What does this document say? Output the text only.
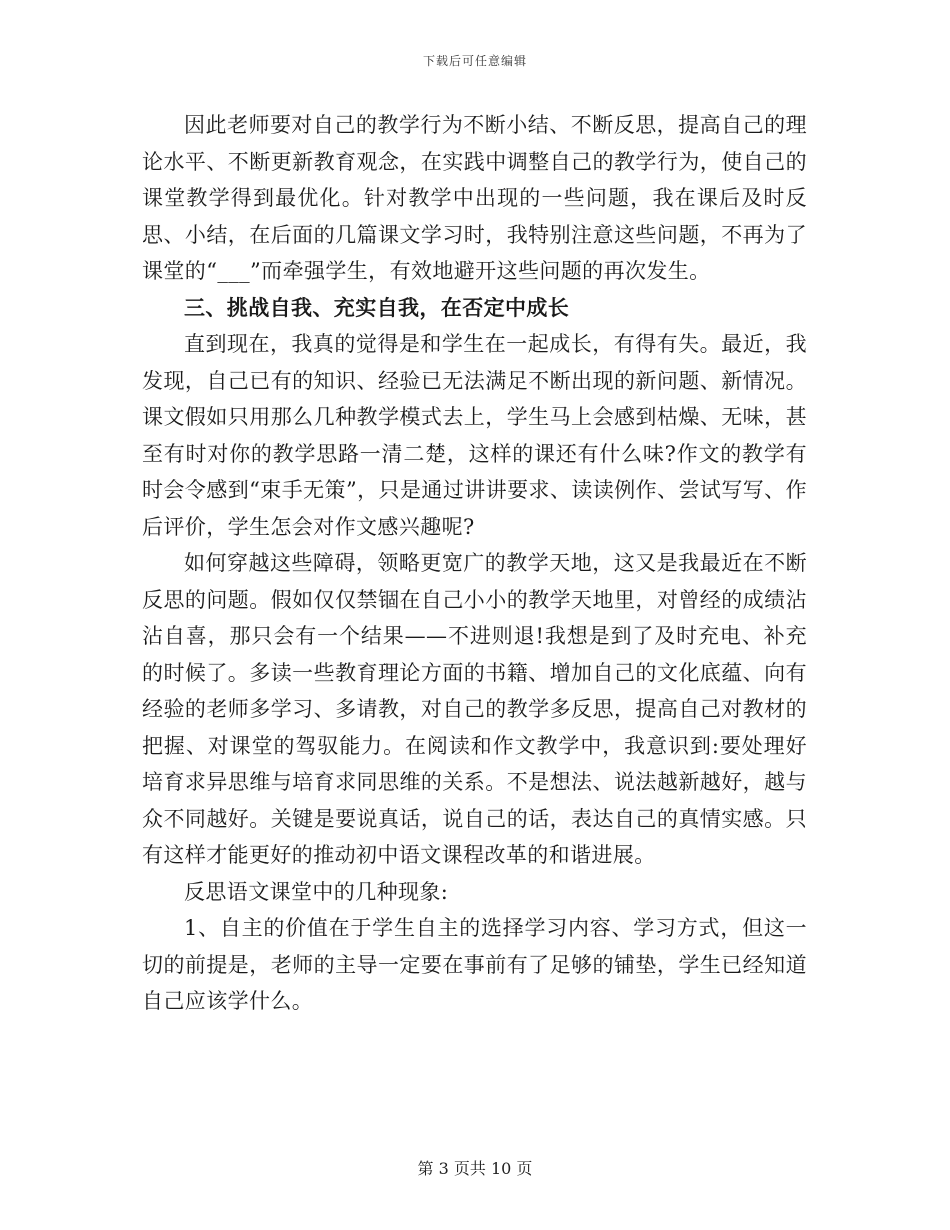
下载后可任意编辑

因此老师要对自己的教学行为不断小结、不断反思，提高自己的理论水平、不断更新教育观念，在实践中调整自己的教学行为，使自己的课堂教学得到最优化。针对教学中出现的一些问题，我在课后及时反思、小结，在后面的几篇课文学习时，我特别注意这些问题，不再为了课堂的“___”而牵强学生，有效地避开这些问题的再次发生。

三、挑战自我、充实自我，在否定中成长

直到现在，我真的觉得是和学生在一起成长，有得有失。最近，我发现，自己已有的知识、经验已无法满足不断出现的新问题、新情况。课文假如只用那么几种教学模式去上，学生马上会感到枯燥、无味，甚至有时对你的教学思路一清二楚，这样的课还有什么味?作文的教学有时会令感到“束手无策”，只是通过讲讲要求、读读例作、尝试写写、作后评价，学生怎会对作文感兴趣呢?

如何穿越这些障碍，领略更宽广的教学天地，这又是我最近在不断反思的问题。假如仅仅禁锢在自己小小的教学天地里，对曾经的成绩沾沾自喜，那只会有一个结果——不进则退!我想是到了及时充电、补充的时候了。多读一些教育理论方面的书籍、增加自己的文化底蕴、向有经验的老师多学习、多请教，对自己的教学多反思，提高自己对教材的把握、对课堂的驾驭能力。在阅读和作文教学中，我意识到:要处理好培育求异思维与培育求同思维的关系。不是想法、说法越新越好，越与众不同越好。关键是要说真话，说自己的话，表达自己的真情实感。只有这样才能更好的推动初中语文课程改革的和谐进展。

反思语文课堂中的几种现象:

1、自主的价值在于学生自主的选择学习内容、学习方式，但这一切的前提是，老师的主导一定要在事前有了足够的铺垫，学生已经知道自己应该学什么。

第 3 页共 10 页
